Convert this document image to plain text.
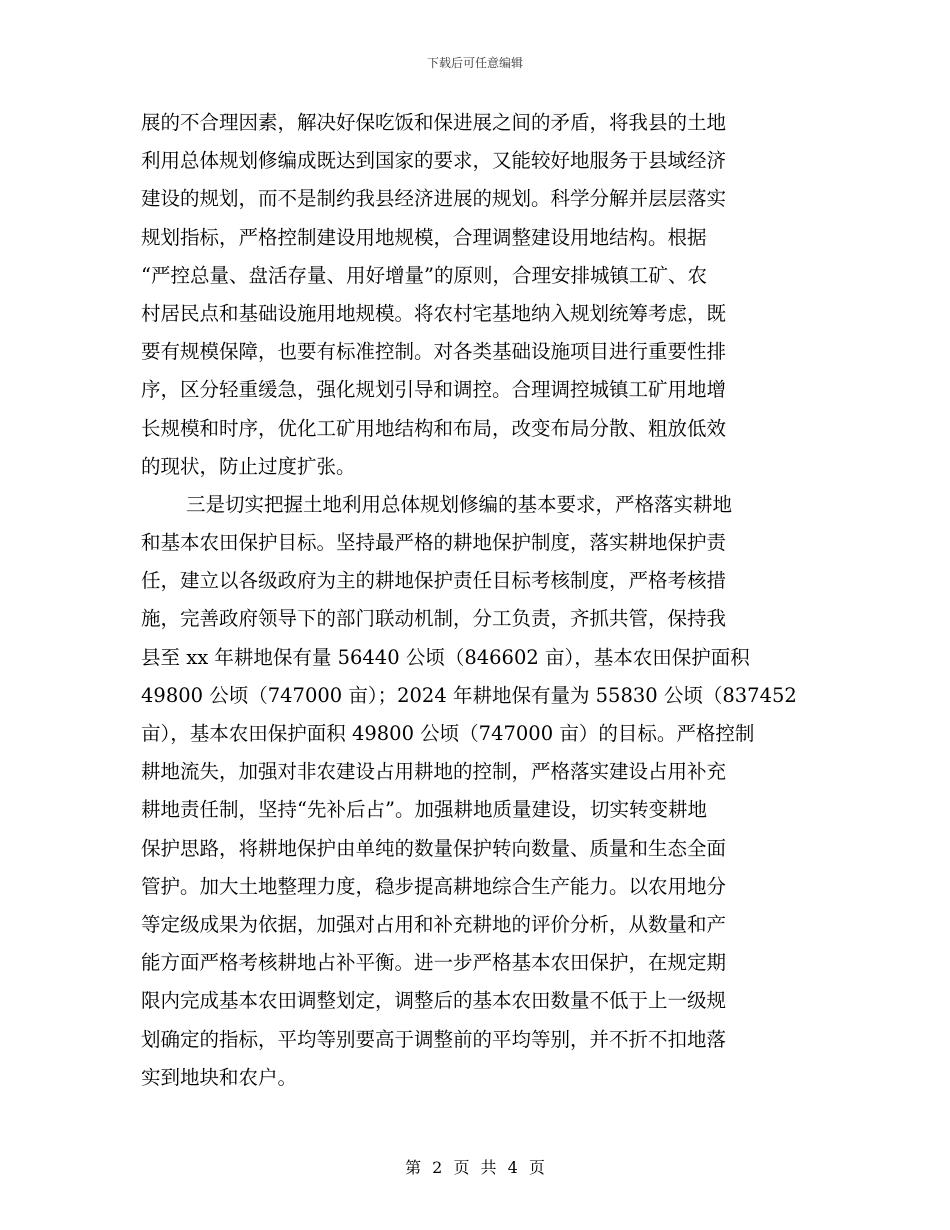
下载后可任意编辑
展的不合理因素，解决好保吃饭和保进展之间的矛盾，将我县的土地
利用总体规划修编成既达到国家的要求，又能较好地服务于县域经济
建设的规划，而不是制约我县经济进展的规划。科学分解并层层落实
规划指标，严格控制建设用地规模，合理调整建设用地结构。根据
“严控总量、盘活存量、用好增量”的原则，合理安排城镇工矿、农
村居民点和基础设施用地规模。将农村宅基地纳入规划统筹考虑，既
要有规模保障，也要有标准控制。对各类基础设施项目进行重要性排
序，区分轻重缓急，强化规划引导和调控。合理调控城镇工矿用地增
长规模和时序，优化工矿用地结构和布局，改变布局分散、粗放低效
的现状，防止过度扩张。
三是切实把握土地利用总体规划修编的基本要求，严格落实耕地
和基本农田保护目标。坚持最严格的耕地保护制度，落实耕地保护责
任，建立以各级政府为主的耕地保护责任目标考核制度，严格考核措
施，完善政府领导下的部门联动机制，分工负责，齐抓共管，保持我
县至 xx 年耕地保有量 56440 公顷（846602 亩），基本农田保护面积
49800 公顷（747000 亩）；2024 年耕地保有量为 55830 公顷（837452
亩），基本农田保护面积 49800 公顷（747000 亩）的目标。严格控制
耕地流失，加强对非农建设占用耕地的控制，严格落实建设占用补充
耕地责任制，坚持“先补后占”。加强耕地质量建设，切实转变耕地
保护思路，将耕地保护由单纯的数量保护转向数量、质量和生态全面
管护。加大土地整理力度，稳步提高耕地综合生产能力。以农用地分
等定级成果为依据，加强对占用和补充耕地的评价分析，从数量和产
能方面严格考核耕地占补平衡。进一步严格基本农田保护，在规定期
限内完成基本农田调整划定，调整后的基本农田数量不低于上一级规
划确定的指标，平均等别要高于调整前的平均等别，并不折不扣地落
实到地块和农户。
第 2 页 共 4 页
